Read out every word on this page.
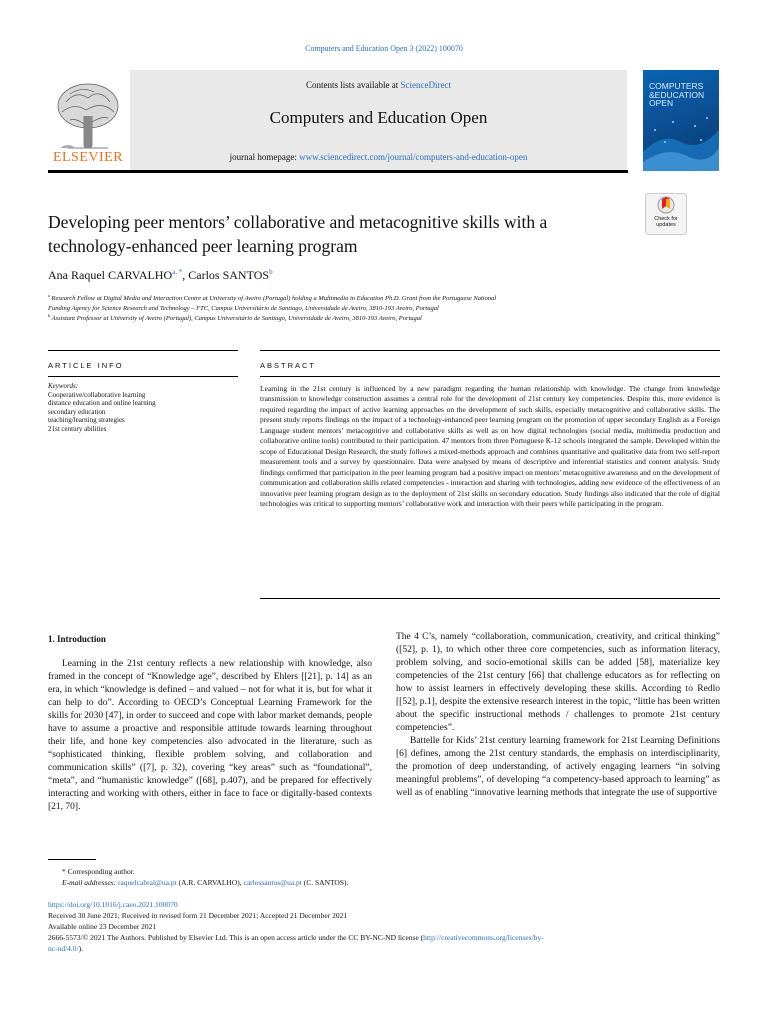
Computers and Education Open 3 (2022) 100070
Contents lists available at ScienceDirect
Computers and Education Open
journal homepage: www.sciencedirect.com/journal/computers-and-education-open
ELSEVIER
COMPUTERS
&EDUCATION
OPEN
Developing peer mentors’ collaborative and metacognitive skills with a
technology-enhanced peer learning program
Check for
updates
Ana Raquel $CARVALHO^{a, *}$, Carlos SANTOS$^b$
$^a$ Research Fellow at Digital Media and Interaction Centre at University of Aveiro (Portugal) holding a Multimedia in Education Ph.D. Grant from the Portuguese National
Funding Agency for Science Research and Technology – FTC, Campus Universitário de Santiago, Universidade de Aveiro, 3810-193 Aveiro, Portugal
$^b$ Assistant Professor at University of Aveiro (Portugal), Campus Universitário de Santiago, Universidade de Aveiro, 3810-193 Aveiro, Portugal
ARTICLE INFO	ABSTRACT
Keywords:
Cooperative/collaborative learning
distance education and online learning
secondary education
teaching/learning strategies
21st century abilities
Learning in the 21st century is influenced by a new paradigm regarding the human relationship with knowledge. The change from knowledge transmission to knowledge construction assumes a central role for the development of 21st century key competencies. Despite this, more evidence is required regarding the impact of active learning approaches on the development of such skills, especially metacognitive and collaborative skills. The present study reports findings on the impact of a technology-enhanced peer learning program on the promotion of upper secondary English as a Foreign Language student mentors’ metacognitive and collaborative skills as well as on how digital technologies (social media, multimedia production and collaborative online tools) contributed to their participation. 47 mentors from three Portuguese K-12 schools integrated the sample. Developed within the scope of Educational Design Research, the study follows a mixed-methods approach and combines quantitative and qualitative data from two self-report measurement tools and a survey by questionnaire. Data were analysed by means of descriptive and inferential statistics and content analysis. Study findings confirmed that participation in the peer learning program had a positive impact on mentors’ metacognitive awareness and on the development of communication and collaboration skills related competencies - interaction and sharing with technologies, adding new evidence of the effectiveness of an innovative peer learning program design as to the deployment of 21st skills on secondary education. Study findings also indicated that the role of digital technologies was critical to supporting mentors’ collaborative work and interaction with their peers while participating in the program.
1. Introduction

Learning in the 21st century reflects a new relationship with knowledge, also framed in the concept of “Knowledge age”, described by Ehlers [[21], p. 14] as an era, in which “knowledge is defined – and valued – not for what it is, but for what it can help to do”. According to OECD’s Conceptual Learning Framework for the skills for 2030 [47], in order to succeed and cope with labor market demands, people have to assume a proactive and responsible attitude towards learning throughout their life, and hone key competencies also advocated in the literature, such as “sophisticated thinking, flexible problem solving, and collaboration and communication skills” ([7], p. 32), covering “key areas” such as “foundational”, “meta”, and “humanistic knowledge” ([68], p.407), and be prepared for effectively interacting and working with others, either in face to face or digitally-based contexts [21, 70].

The 4 C’s, namely “collaboration, communication, creativity, and critical thinking” ([52], p. 1), to which other three core competencies, such as information literacy, problem solving, and socio-emotional skills can be added [58], materialize key competencies of the 21st century [66] that challenge educators as for reflecting on how to assist learners in effectively developing these skills. According to Redlo [[52], p.1], despite the extensive research interest in the topic, “little has been written about the specific instructional methods / challenges to promote 21st century competencies”.

Battelle for Kids’ 21st century learning framework for 21st Learning Definitions [6] defines, among the 21st century standards, the emphasis on interdisciplinarity, the promotion of deep understanding, of actively engaging learners “in solving meaningful problems”, of developing “a competency-based approach to learning” as well as of enabling “innovative learning methods that integrate the use of supportive

* Corresponding author.
E-mail addresses: raquelcabral@ua.pt (A.R. CARVALHO), carlossantos@ua.pt (C. SANTOS).
https://doi.org/10.1016/j.caeo.2021.100070
Received 30 June 2021; Received in revised form 21 December 2021; Accepted 21 December 2021
Available online 23 December 2021
2666-5573/© 2021 The Authors. Published by Elsevier Ltd. This is an open access article under the CC BY-NC-ND license (http://creativecommons.org/licenses/by-
nc-nd/4.0/).
